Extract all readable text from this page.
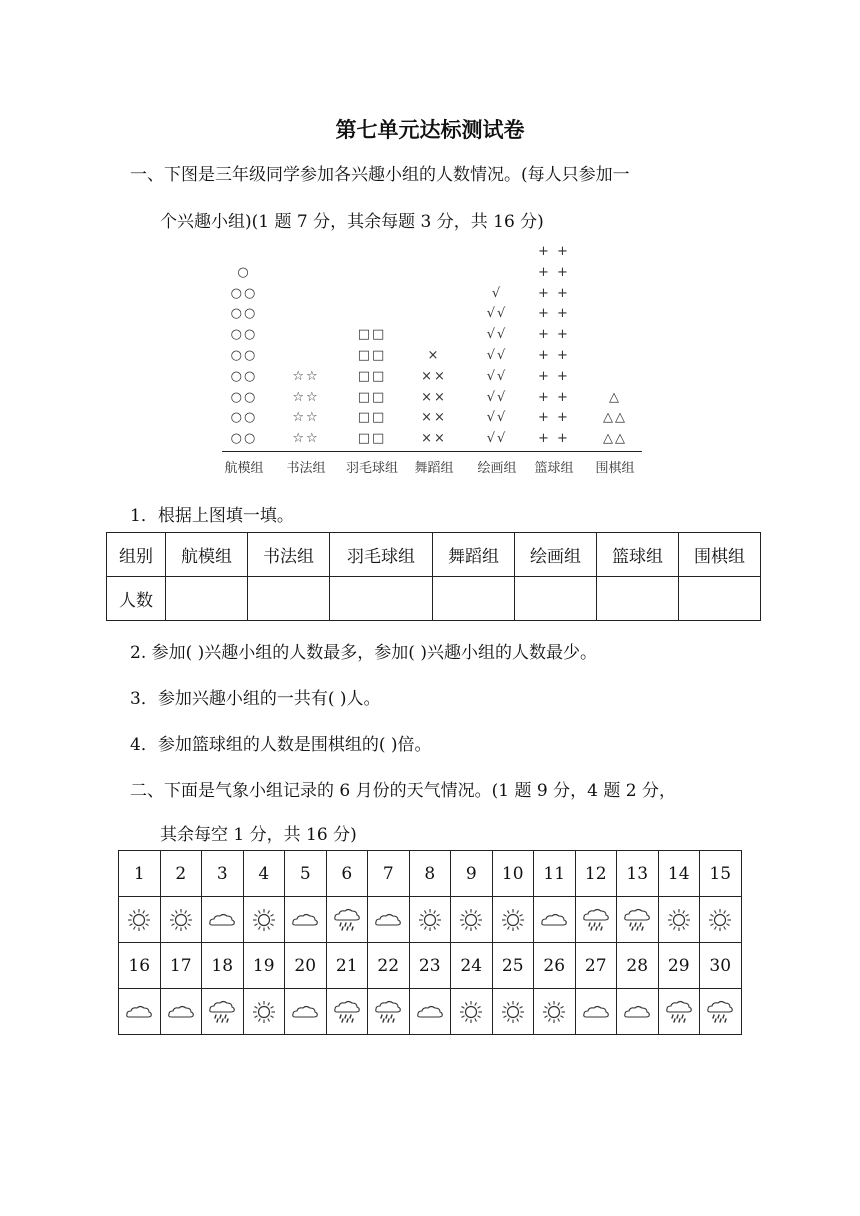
第七单元达标测试卷
一、下图是三年级同学参加各兴趣小组的人数情况。(每人只参加一
个兴趣小组)(1 题 7 分，其余每题 3 分，共 16 分)
○○
○○
○○
○○
○○
○○
○○
○○
○
航模组
☆☆
☆☆
☆☆
☆☆
书法组
□□
□□
□□
□□
□□
□□
羽毛球组
××
××
××
××
×
舞蹈组
√√
√√
√√
√√
√√
√√
√√
√
绘画组
+ +
+ +
+ +
+ +
+ +
+ +
+ +
+ +
+ +
+ +
篮球组
△△
△△
△
围棋组
1．根据上图填一填。
组别	航模组	书法组	羽毛球组	舞蹈组	绘画组	篮球组	围棋组
人数							
2. 参加( )兴趣小组的人数最多，参加( )兴趣小组的人数最少。
3．参加兴趣小组的一共有( )人。
4．参加篮球组的人数是围棋组的( )倍。
二、下面是气象小组记录的 6 月份的天气情况。(1 题 9 分，4 题 2 分，
其余每空 1 分，共 16 分)
1	2	3	4	5	6	7	8	9	10	11	12	13	14	15

16	17	18	19	20	21	22	23	24	25	26	27	28	29	30
